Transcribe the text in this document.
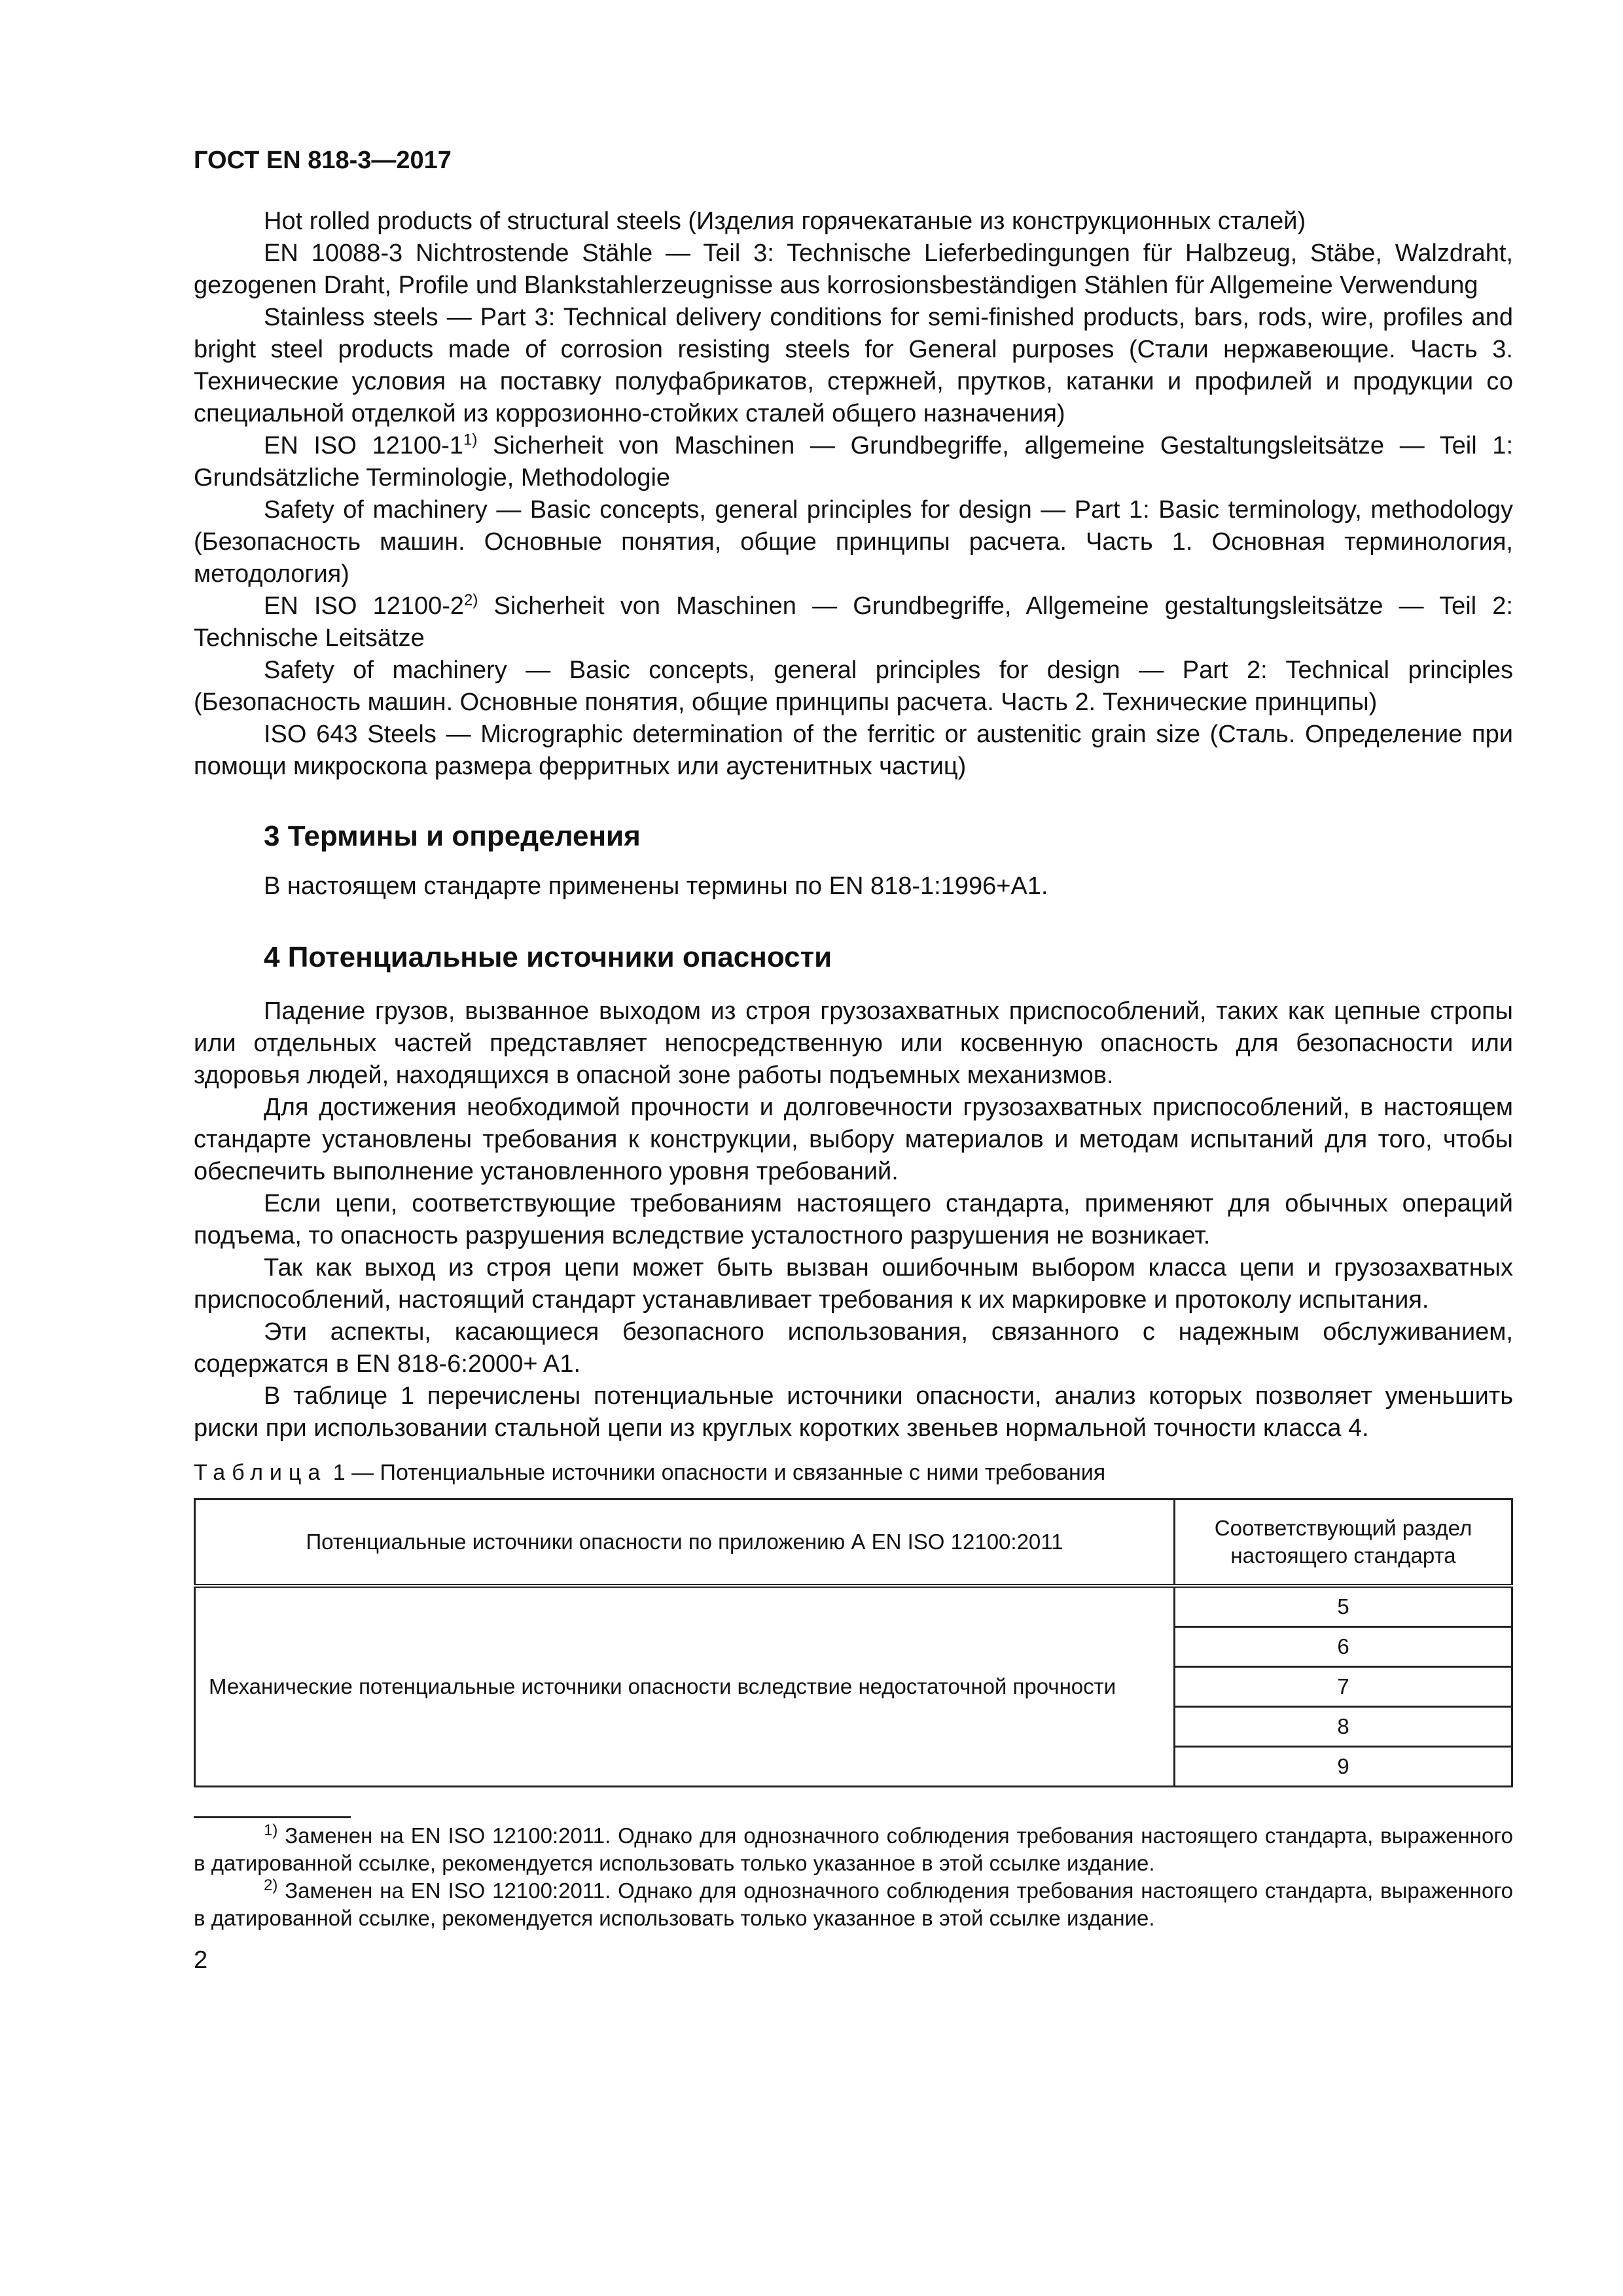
ГОСТ EN 818-3—2017

Hot rolled products of structural steels (Изделия горячекатаные из конструкционных сталей)

EN 10088-3 Nichtrostende Stähle — Teil 3: Technische Lieferbedingungen für Halbzeug, Stäbe, Walzdraht, gezogenen Draht, Profile und Blankstahlerzeugnisse aus korrosionsbeständigen Stählen für Allgemeine Verwendung

Stainless steels — Part 3: Technical delivery conditions for semi-finished products, bars, rods, wire, profiles and bright steel products made of corrosion resisting steels for General purposes (Стали нержавеющие. Часть 3. Технические условия на поставку полуфабрикатов, стержней, прутков, катанки и профилей и продукции со специальной отделкой из коррозионно-стойких сталей общего назначения)

EN ISO 12100-1$^{1)}$ Sicherheit von Maschinen — Grundbegriffe, allgemeine Gestaltungsleitsätze — Teil 1: Grundsätzliche Terminologie, Methodologie

Safety of machinery — Basic concepts, general principles for design — Part 1: Basic terminology, methodology (Безопасность машин. Основные понятия, общие принципы расчета. Часть 1. Основная терминология, методология)

EN ISO 12100-2$^{2)}$ Sicherheit von Maschinen — Grundbegriffe, Allgemeine gestaltungsleitsätze — Teil 2: Technische Leitsätze

Safety of machinery — Basic concepts, general principles for design — Part 2: Technical principles (Безопасность машин. Основные понятия, общие принципы расчета. Часть 2. Технические принципы)

ISO 643 Steels — Micrographic determination of the ferritic or austenitic grain size (Сталь. Определение при помощи микроскопа размера ферритных или аустенитных частиц)

3 Термины и определения

В настоящем стандарте применены термины по EN 818-1:1996+A1.

4 Потенциальные источники опасности

Падение грузов, вызванное выходом из строя грузозахватных приспособлений, таких как цепные стропы или отдельных частей представляет непосредственную или косвенную опасность для безопасности или здоровья людей, находящихся в опасной зоне работы подъемных механизмов.

Для достижения необходимой прочности и долговечности грузозахватных приспособлений, в настоящем стандарте установлены требования к конструкции, выбору материалов и методам испытаний для того, чтобы обеспечить выполнение установленного уровня требований.

Если цепи, соответствующие требованиям настоящего стандарта, применяют для обычных операций подъема, то опасность разрушения вследствие усталостного разрушения не возникает.

Так как выход из строя цепи может быть вызван ошибочным выбором класса цепи и грузозахватных приспособлений, настоящий стандарт устанавливает требования к их маркировке и протоколу испытания.

Эти аспекты, касающиеся безопасного использования, связанного с надежным обслуживанием, содержатся в EN 818-6:2000+ A1.

В таблице 1 перечислены потенциальные источники опасности, анализ которых позволяет уменьшить риски при использовании стальной цепи из круглых коротких звеньев нормальной точности класса 4.

Таблица 1 — Потенциальные источники опасности и связанные с ними требования
Потенциальные источники опасности по приложению А EN ISO 12100:2011	Соответствующий раздел настоящего стандарта
Механические потенциальные источники опасности вследствие недостаточной прочности	5
	6
	7
	8
	9

$^{1)}$ Заменен на EN ISO 12100:2011. Однако для однозначного соблюдения требования настоящего стандарта, выраженного в датированной ссылке, рекомендуется использовать только указанное в этой ссылке издание.

$^{2)}$ Заменен на EN ISO 12100:2011. Однако для однозначного соблюдения требования настоящего стандарта, выраженного в датированной ссылке, рекомендуется использовать только указанное в этой ссылке издание.

2
